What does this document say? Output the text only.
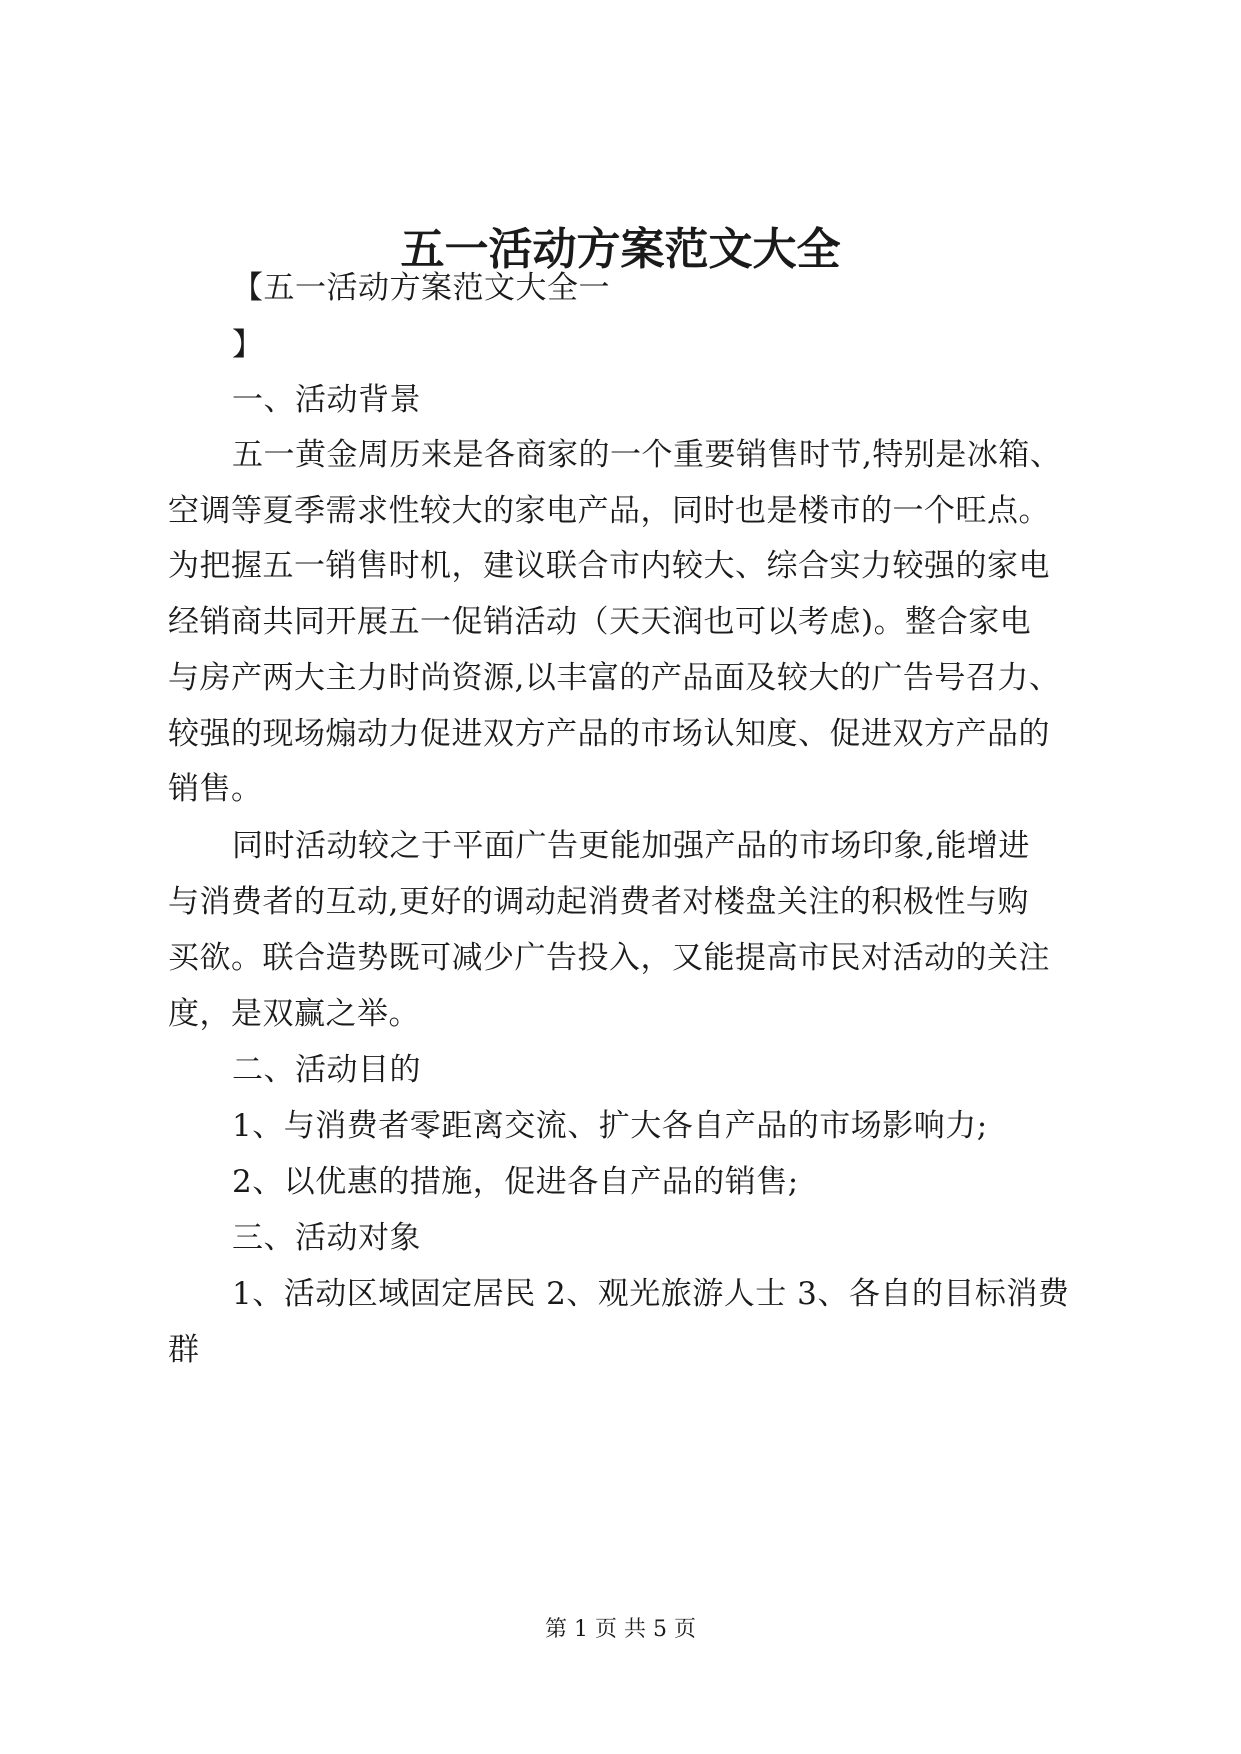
五一活动方案范文大全

【五一活动方案范文大全一

】

一、活动背景

五一黄金周历来是各商家的一个重要销售时节,特别是冰箱、

空调等夏季需求性较大的家电产品，同时也是楼市的一个旺点。

为把握五一销售时机，建议联合市内较大、综合实力较强的家电

经销商共同开展五一促销活动（天天润也可以考虑)。整合家电

与房产两大主力时尚资源,以丰富的产品面及较大的广告号召力、

较强的现场煽动力促进双方产品的市场认知度、促进双方产品的

销售。

同时活动较之于平面广告更能加强产品的市场印象,能增进

与消费者的互动,更好的调动起消费者对楼盘关注的积极性与购

买欲。联合造势既可减少广告投入，又能提高市民对活动的关注

度，是双赢之举。

二、活动目的

1、与消费者零距离交流、扩大各自产品的市场影响力;

2、以优惠的措施，促进各自产品的销售;

三、活动对象

1、活动区域固定居民 2、观光旅游人士 3、各自的目标消费

群

第 1 页 共 5 页
